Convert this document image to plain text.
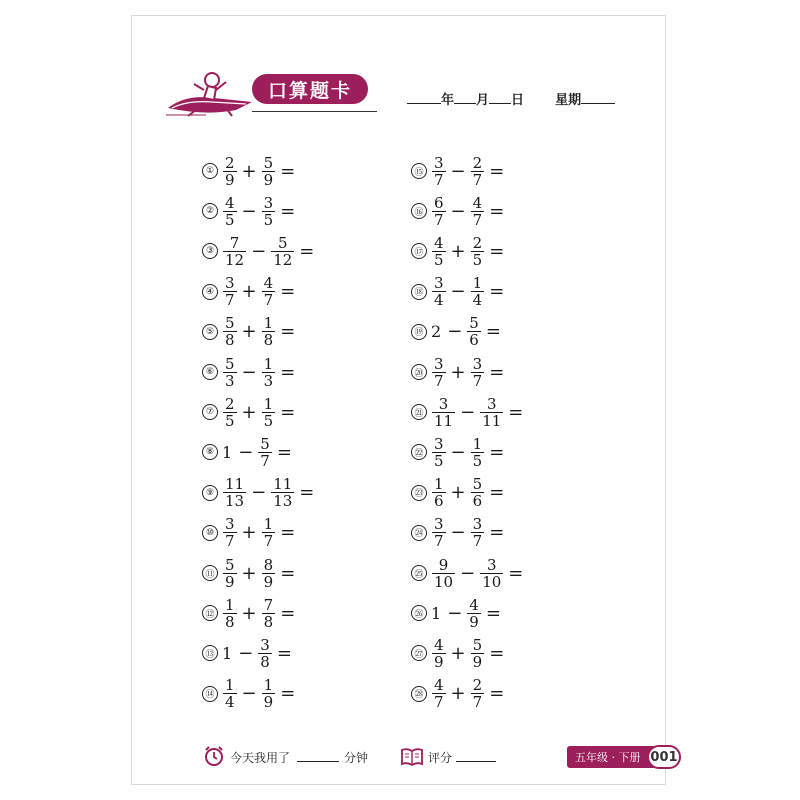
口算题卡	年 月 日 星期
① $\frac{2}{9} + \frac{5}{9}$ =
② $\frac{4}{5} - \frac{3}{5}$ =
③ $\frac{7}{12} - \frac{5}{12}$ =
④ $\frac{3}{7} + \frac{4}{7}$ =
⑤ $\frac{5}{8} + \frac{1}{8}$ =
⑥ $\frac{5}{3} - \frac{1}{3}$ =
⑦ $\frac{2}{5} + \frac{1}{5}$ =
⑧ $1 - \frac{5}{7}$ =
⑨ $\frac{11}{13} - \frac{11}{13}$ =
⑩ $\frac{3}{7} + \frac{1}{7}$ =
⑪ $\frac{5}{9} + \frac{8}{9}$ =
⑫ $\frac{1}{8} + \frac{7}{8}$ =
⑬ $1 - \frac{3}{8}$ =
⑭ $\frac{1}{4} - \frac{1}{9}$ =
⑮ $\frac{3}{7} - \frac{2}{7}$ =
⑯ $\frac{6}{7} - \frac{4}{7}$ =
⑰ $\frac{4}{5} + \frac{2}{5}$ =
⑱ $\frac{3}{4} - \frac{1}{4}$ =
⑲ $2 - \frac{5}{6}$ =
⑳ $\frac{3}{7} + \frac{3}{7}$ =
㉑ $\frac{3}{11} - \frac{3}{11}$ =
㉒ $\frac{3}{5} - \frac{1}{5}$ =
㉓ $\frac{1}{6} + \frac{5}{6}$ =
㉔ $\frac{3}{7} - \frac{3}{7}$ =
㉕ $\frac{9}{10} - \frac{3}{10}$ =
㉖ $1 - \frac{4}{9}$ =
㉗ $\frac{4}{9} + \frac{5}{9}$ =
㉘ $\frac{4}{7} + \frac{2}{7}$ =
今天我用了	分钟	评分	五年级 · 下册 001
